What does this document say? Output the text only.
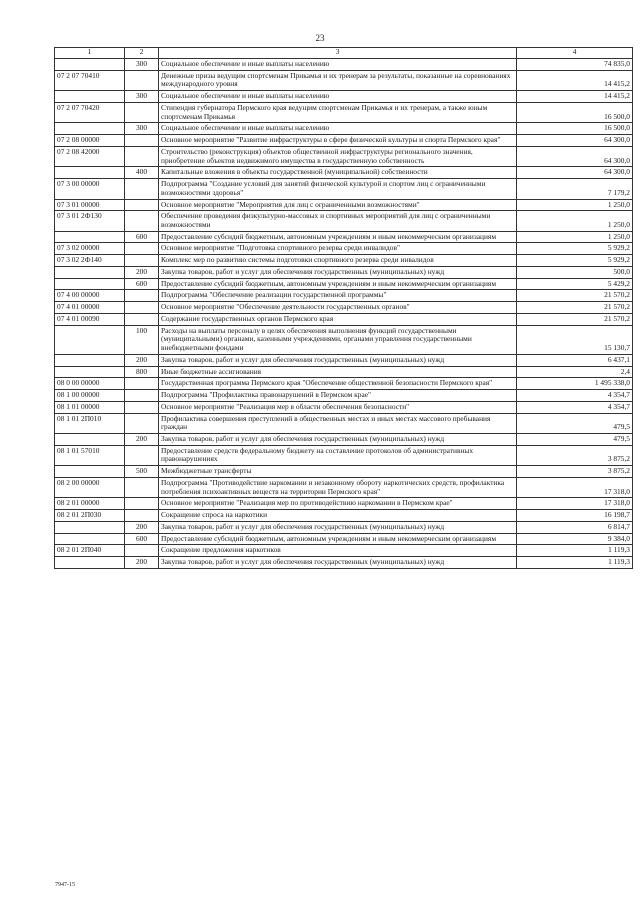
23
1	2	3	4
	300	Социальное обеспечение и иные выплаты населению	74 835,0
07 2 07 70410		Денежные призы ведущим спортсменам Прикамья и их тренерам за результаты, показанные на соревнованиях международного уровня	14 415,2
	300	Социальное обеспечение и иные выплаты населению	14 415,2
07 2 07 70420		Стипендия губернатора Пермского края ведущим спортсменам Прикамья и их тренерам, а также юным спортсменам Прикамья	16 500,0
	300	Социальное обеспечение и иные выплаты населению	16 500,0
07 2 08 00000		Основное мероприятие "Развитие инфраструктуры в сфере физической культуры и спорта Пермского края"	64 300,0
07 2 08 42000		Строительство (реконструкция) объектов общественной инфраструктуры регионального значения, приобретение объектов недвижимого имущества в государственную собственность	64 300,0
	400	Капитальные вложения в объекты государственной (муниципальной) собственности	64 300,0
07 3 00 00000		Подпрограмма "Создание условий для занятий физической культурой и спортом лиц с ограниченными возможностями здоровья"	7 179,2
07 3 01 00000		Основное мероприятие "Мероприятия для лиц с ограниченными возможностями"	1 250,0
07 3 01 2Ф130		Обеспечение проведения физкультурно-массовых и спортивных мероприятий для лиц с ограниченными возможностями	1 250,0
	600	Предоставление субсидий бюджетным, автономным учреждениям и иным некоммерческим организациям	1 250,0
07 3 02 00000		Основное мероприятие "Подготовка спортивного резерва среди инвалидов"	5 929,2
07 3 02 2Ф140		Комплекс мер по развитию системы подготовки спортивного резерва среди инвалидов	5 929,2
	200	Закупка товаров, работ и услуг для обеспечения государственных (муниципальных) нужд	500,0
	600	Предоставление субсидий бюджетным, автономным учреждениям и иным некоммерческим организациям	5 429,2
07 4 00 00000		Подпрограмма "Обеспечение реализации государственной программы"	21 570,2
07 4 01 00000		Основное мероприятие "Обеспечение деятельности государственных органов"	21 570,2
07 4 01 00090		Содержание государственных органов Пермского края	21 570,2
	100	Расходы на выплаты персоналу в целях обеспечения выполнения функций государственными (муниципальными) органами, казенными учреждениями, органами управления государственными внебюджетными фондами	15 130,7
	200	Закупка товаров, работ и услуг для обеспечения государственных (муниципальных) нужд	6 437,1
	800	Иные бюджетные ассигнования	2,4
08 0 00 00000		Государственная программа Пермского края "Обеспечение общественной безопасности Пермского края"	1 495 338,0
08 1 00 00000		Подпрограмма "Профилактика правонарушений в Пермском крае"	4 354,7
08 1 01 00000		Основное мероприятие "Реализация мер в области обеспечения безопасности"	4 354,7
08 1 01 2П010		Профилактика совершения преступлений в общественных местах и иных местах массового пребывания граждан	479,5
	200	Закупка товаров, работ и услуг для обеспечения государственных (муниципальных) нужд	479,5
08 1 01 57010		Предоставление средств федеральному бюджету на составление протоколов об административных правонарушениях	3 875,2
	500	Межбюджетные трансферты	3 875,2
08 2 00 00000		Подпрограмма "Противодействие наркомании и незаконному обороту наркотических средств, профилактика потребления психоактивных веществ на территории Пермского края"	17 318,0
08 2 01 00000		Основное мероприятие "Реализация мер по противодействию наркомании в Пермском крае"	17 318,0
08 2 01 2П030		Сокращение спроса на наркотики	16 198,7
	200	Закупка товаров, работ и услуг для обеспечения государственных (муниципальных) нужд	6 814,7
	600	Предоставление субсидий бюджетным, автономным учреждениям и иным некоммерческим организациям	9 384,0
08 2 01 2П040		Сокращение предложения наркотиков	1 119,3
	200	Закупка товаров, работ и услуг для обеспечения государственных (муниципальных) нужд	1 119,3
7947-15
